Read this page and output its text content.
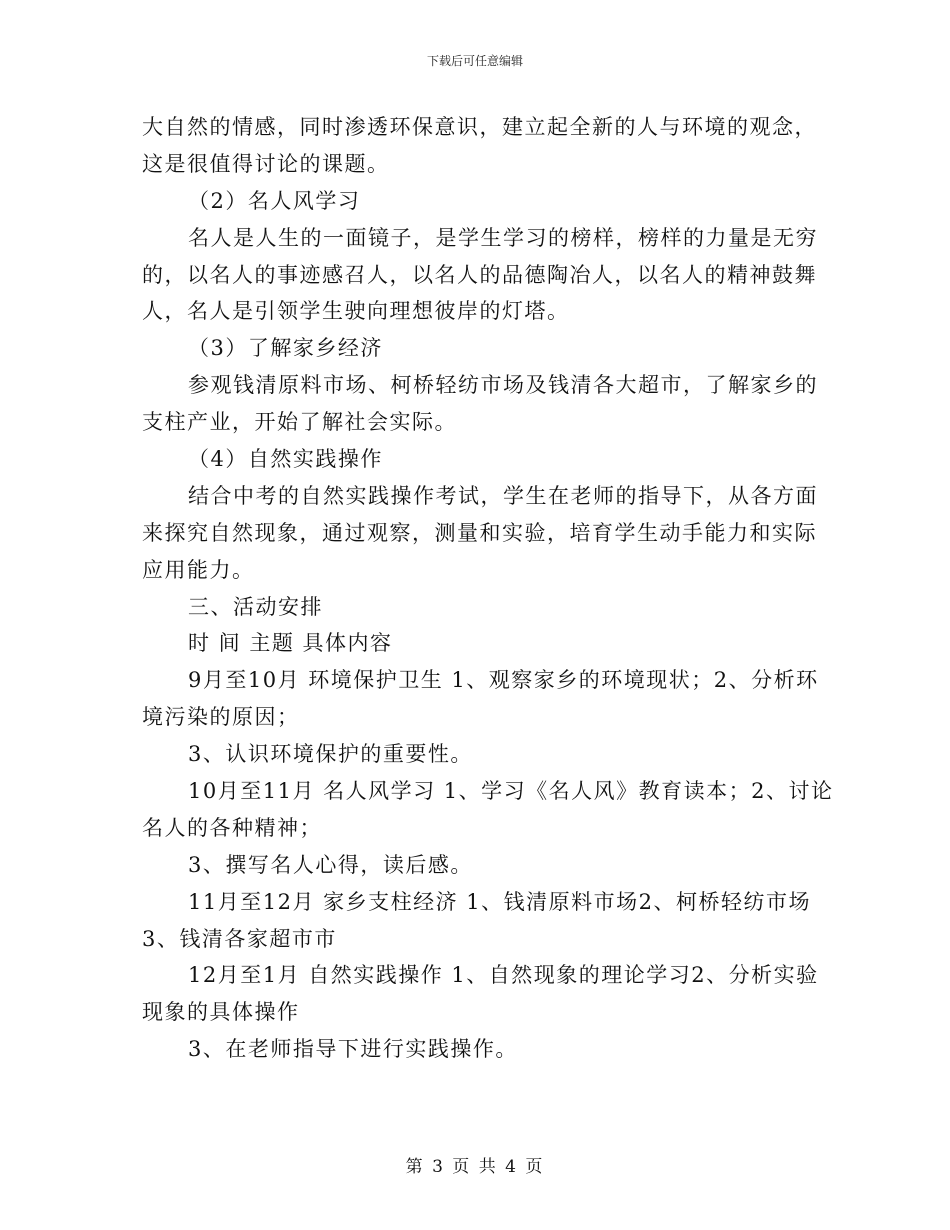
下载后可任意编辑
大自然的情感，同时渗透环保意识，建立起全新的人与环境的观念，
这是很值得讨论的课题。
（2）名人风学习
名人是人生的一面镜子，是学生学习的榜样，榜样的力量是无穷
的，以名人的事迹感召人，以名人的品德陶冶人，以名人的精神鼓舞
人，名人是引领学生驶向理想彼岸的灯塔。
（3）了解家乡经济
参观钱清原料市场、柯桥轻纺市场及钱清各大超市，了解家乡的
支柱产业，开始了解社会实际。
（4）自然实践操作
结合中考的自然实践操作考试，学生在老师的指导下，从各方面
来探究自然现象，通过观察，测量和实验，培育学生动手能力和实际
应用能力。
三、活动安排
时 间 主题 具体内容
9月至10月 环境保护卫生 1、观察家乡的环境现状；2、分析环
境污染的原因；
3、认识环境保护的重要性。
10月至11月 名人风学习 1、学习《名人风》教育读本；2、讨论
名人的各种精神；
3、撰写名人心得，读后感。
11月至12月 家乡支柱经济 1、钱清原料市场2、柯桥轻纺市场
3、钱清各家超市市
12月至1月 自然实践操作 1、自然现象的理论学习2、分析实验
现象的具体操作
3、在老师指导下进行实践操作。
第 3 页 共 4 页
